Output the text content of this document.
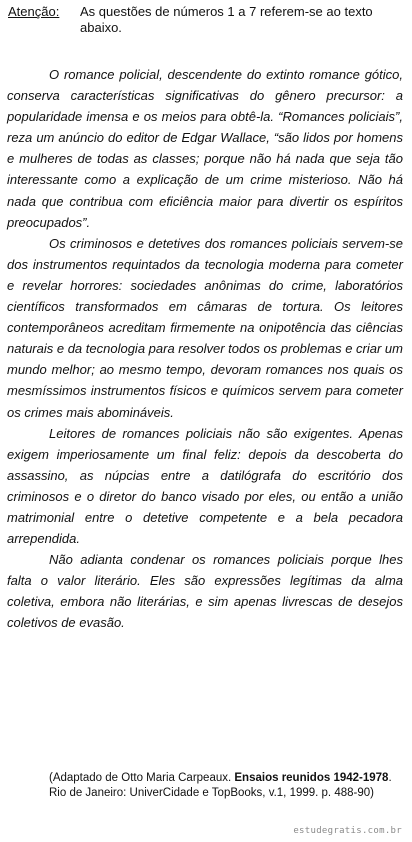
Atenção: As questões de números 1 a 7 referem-se ao texto abaixo.

O romance policial, descendente do extinto romance gótico, conserva características significativas do gênero precursor: a popularidade imensa e os meios para obtê-la. “Romances policiais”, reza um anúncio do editor de Edgar Wallace, “são lidos por homens e mulheres de todas as classes; porque não há nada que seja tão interessante como a explicação de um crime misterioso. Não há nada que contribua com eficiência maior para divertir os espíritos preocupados”.

Os criminosos e detetives dos romances policiais servem-se dos instrumentos requintados da tecnologia moderna para cometer e revelar horrores: sociedades anônimas do crime, laboratórios científicos transformados em câmaras de tortura. Os leitores contemporâneos acreditam firmemente na onipotência das ciências naturais e da tecnologia para resolver todos os problemas e criar um mundo melhor; ao mesmo tempo, devoram romances nos quais os mesmíssimos instrumentos físicos e químicos servem para cometer os crimes mais abomináveis.

Leitores de romances policiais não são exigentes. Apenas exigem imperiosamente um final feliz: depois da descoberta do assassino, as núpcias entre a datilógrafa do escritório dos criminosos e o diretor do banco visado por eles, ou então a união matrimonial entre o detetive competente e a bela pecadora arrependida.

Não adianta condenar os romances policiais porque lhes falta o valor literário. Eles são expressões legítimas da alma coletiva, embora não literárias, e sim apenas livrescas de desejos coletivos de evasão.

(Adaptado de Otto Maria Carpeaux. Ensaios reunidos 1942-1978. Rio de Janeiro: UniverCidade e TopBooks, v.1, 1999. p. 488-90)
estudegratis.com.br
